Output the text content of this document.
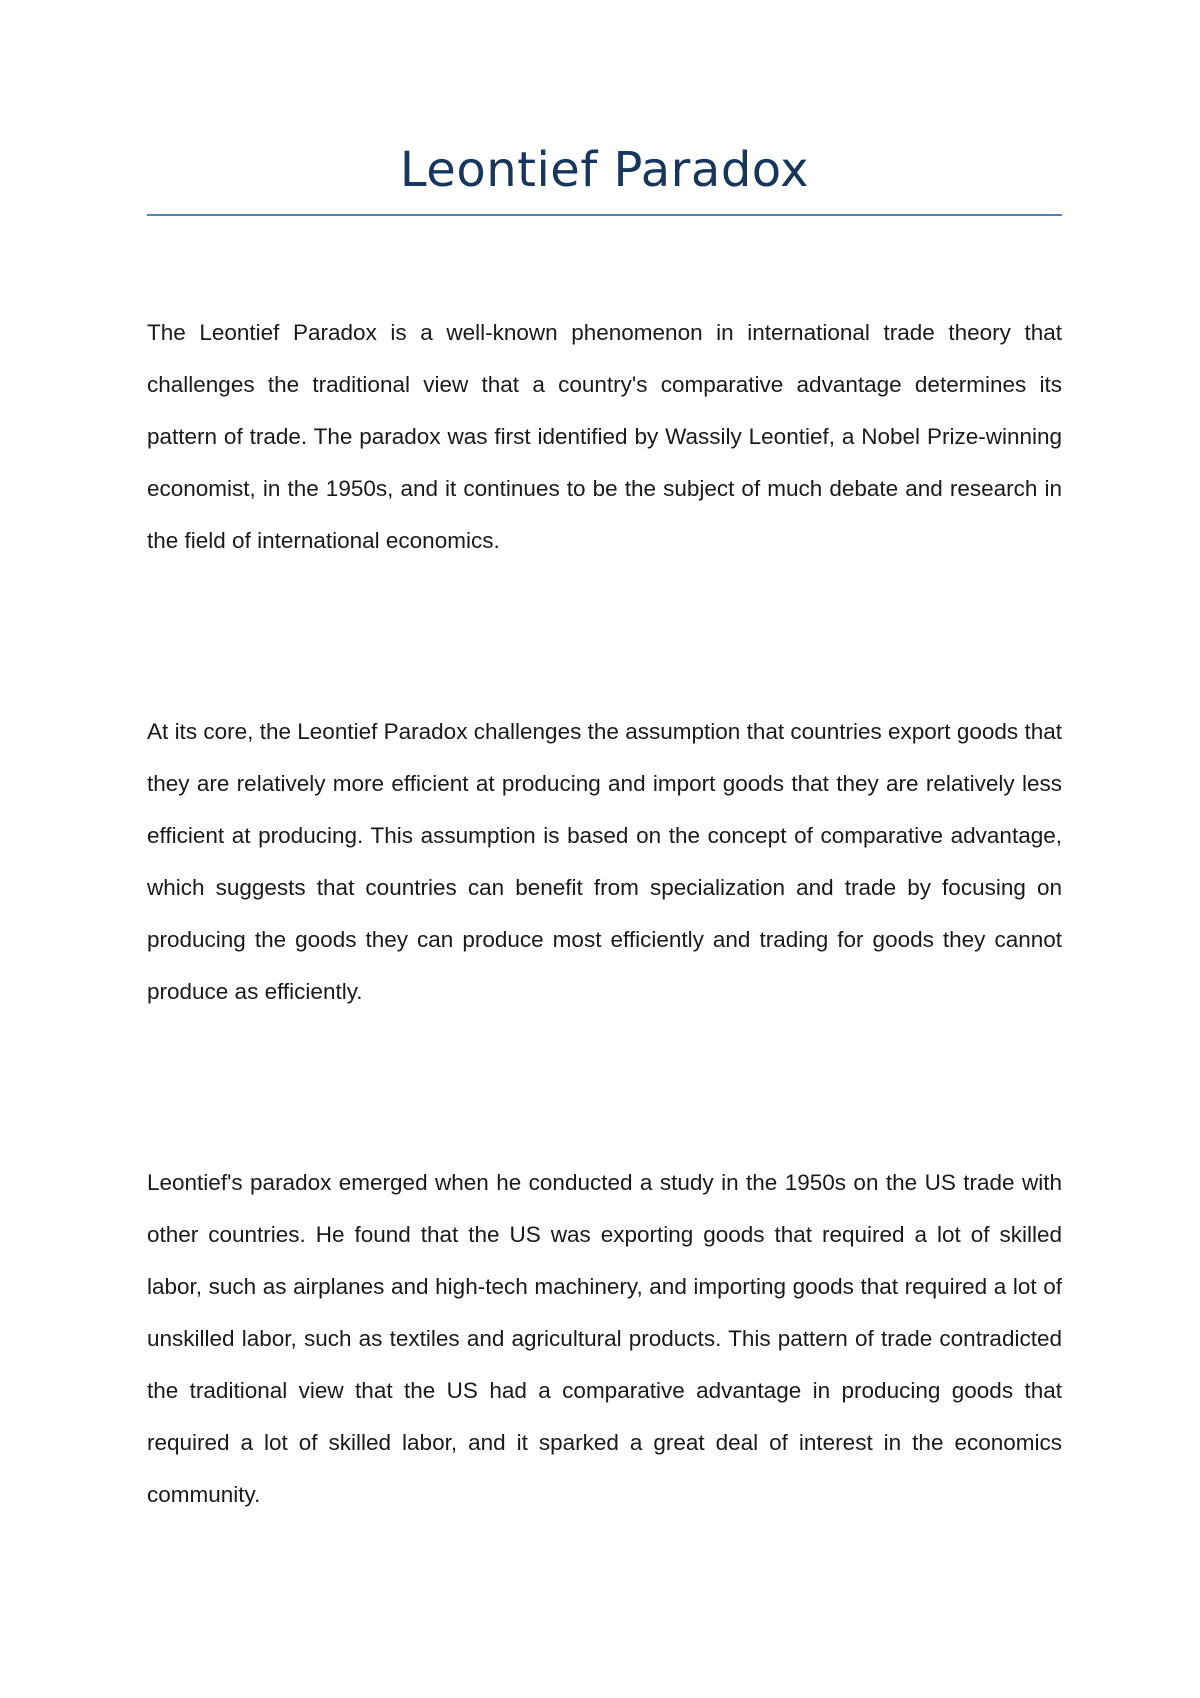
Leontief Paradox

The Leontief Paradox is a well-known phenomenon in international trade theory that challenges the traditional view that a country's comparative advantage determines its pattern of trade. The paradox was first identified by Wassily Leontief, a Nobel Prize-winning economist, in the 1950s, and it continues to be the subject of much debate and research in the field of international economics.

At its core, the Leontief Paradox challenges the assumption that countries export goods that they are relatively more efficient at producing and import goods that they are relatively less efficient at producing. This assumption is based on the concept of comparative advantage, which suggests that countries can benefit from specialization and trade by focusing on producing the goods they can produce most efficiently and trading for goods they cannot produce as efficiently.

Leontief's paradox emerged when he conducted a study in the 1950s on the US trade with other countries. He found that the US was exporting goods that required a lot of skilled labor, such as airplanes and high-tech machinery, and importing goods that required a lot of unskilled labor, such as textiles and agricultural products. This pattern of trade contradicted the traditional view that the US had a comparative advantage in producing goods that required a lot of skilled labor, and it sparked a great deal of interest in the economics community.
